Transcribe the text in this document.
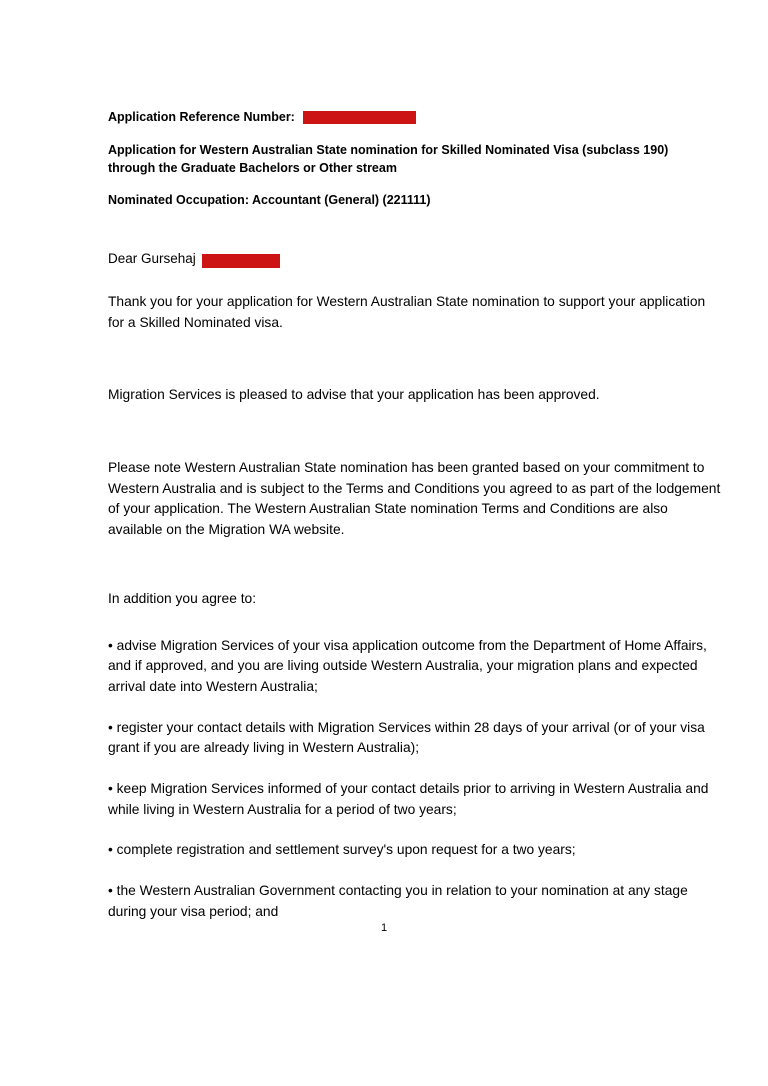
Application Reference Number:
Application for Western Australian State nomination for Skilled Nominated Visa (subclass 190) through the Graduate Bachelors or Other stream
Nominated Occupation: Accountant (General) (221111)
Dear Gursehaj

Thank you for your application for Western Australian State nomination to support your application for a Skilled Nominated visa.

Migration Services is pleased to advise that your application has been approved.

Please note Western Australian State nomination has been granted based on your commitment to Western Australia and is subject to the Terms and Conditions you agreed to as part of the lodgement of your application. The Western Australian State nomination Terms and Conditions are also available on the Migration WA website.

In addition you agree to:

• advise Migration Services of your visa application outcome from the Department of Home Affairs, and if approved, and you are living outside Western Australia, your migration plans and expected arrival date into Western Australia;

• register your contact details with Migration Services within 28 days of your arrival (or of your visa grant if you are already living in Western Australia);

• keep Migration Services informed of your contact details prior to arriving in Western Australia and while living in Western Australia for a period of two years;

• complete registration and settlement survey's upon request for a two years;

• the Western Australian Government contacting you in relation to your nomination at any stage during your visa period; and

1
